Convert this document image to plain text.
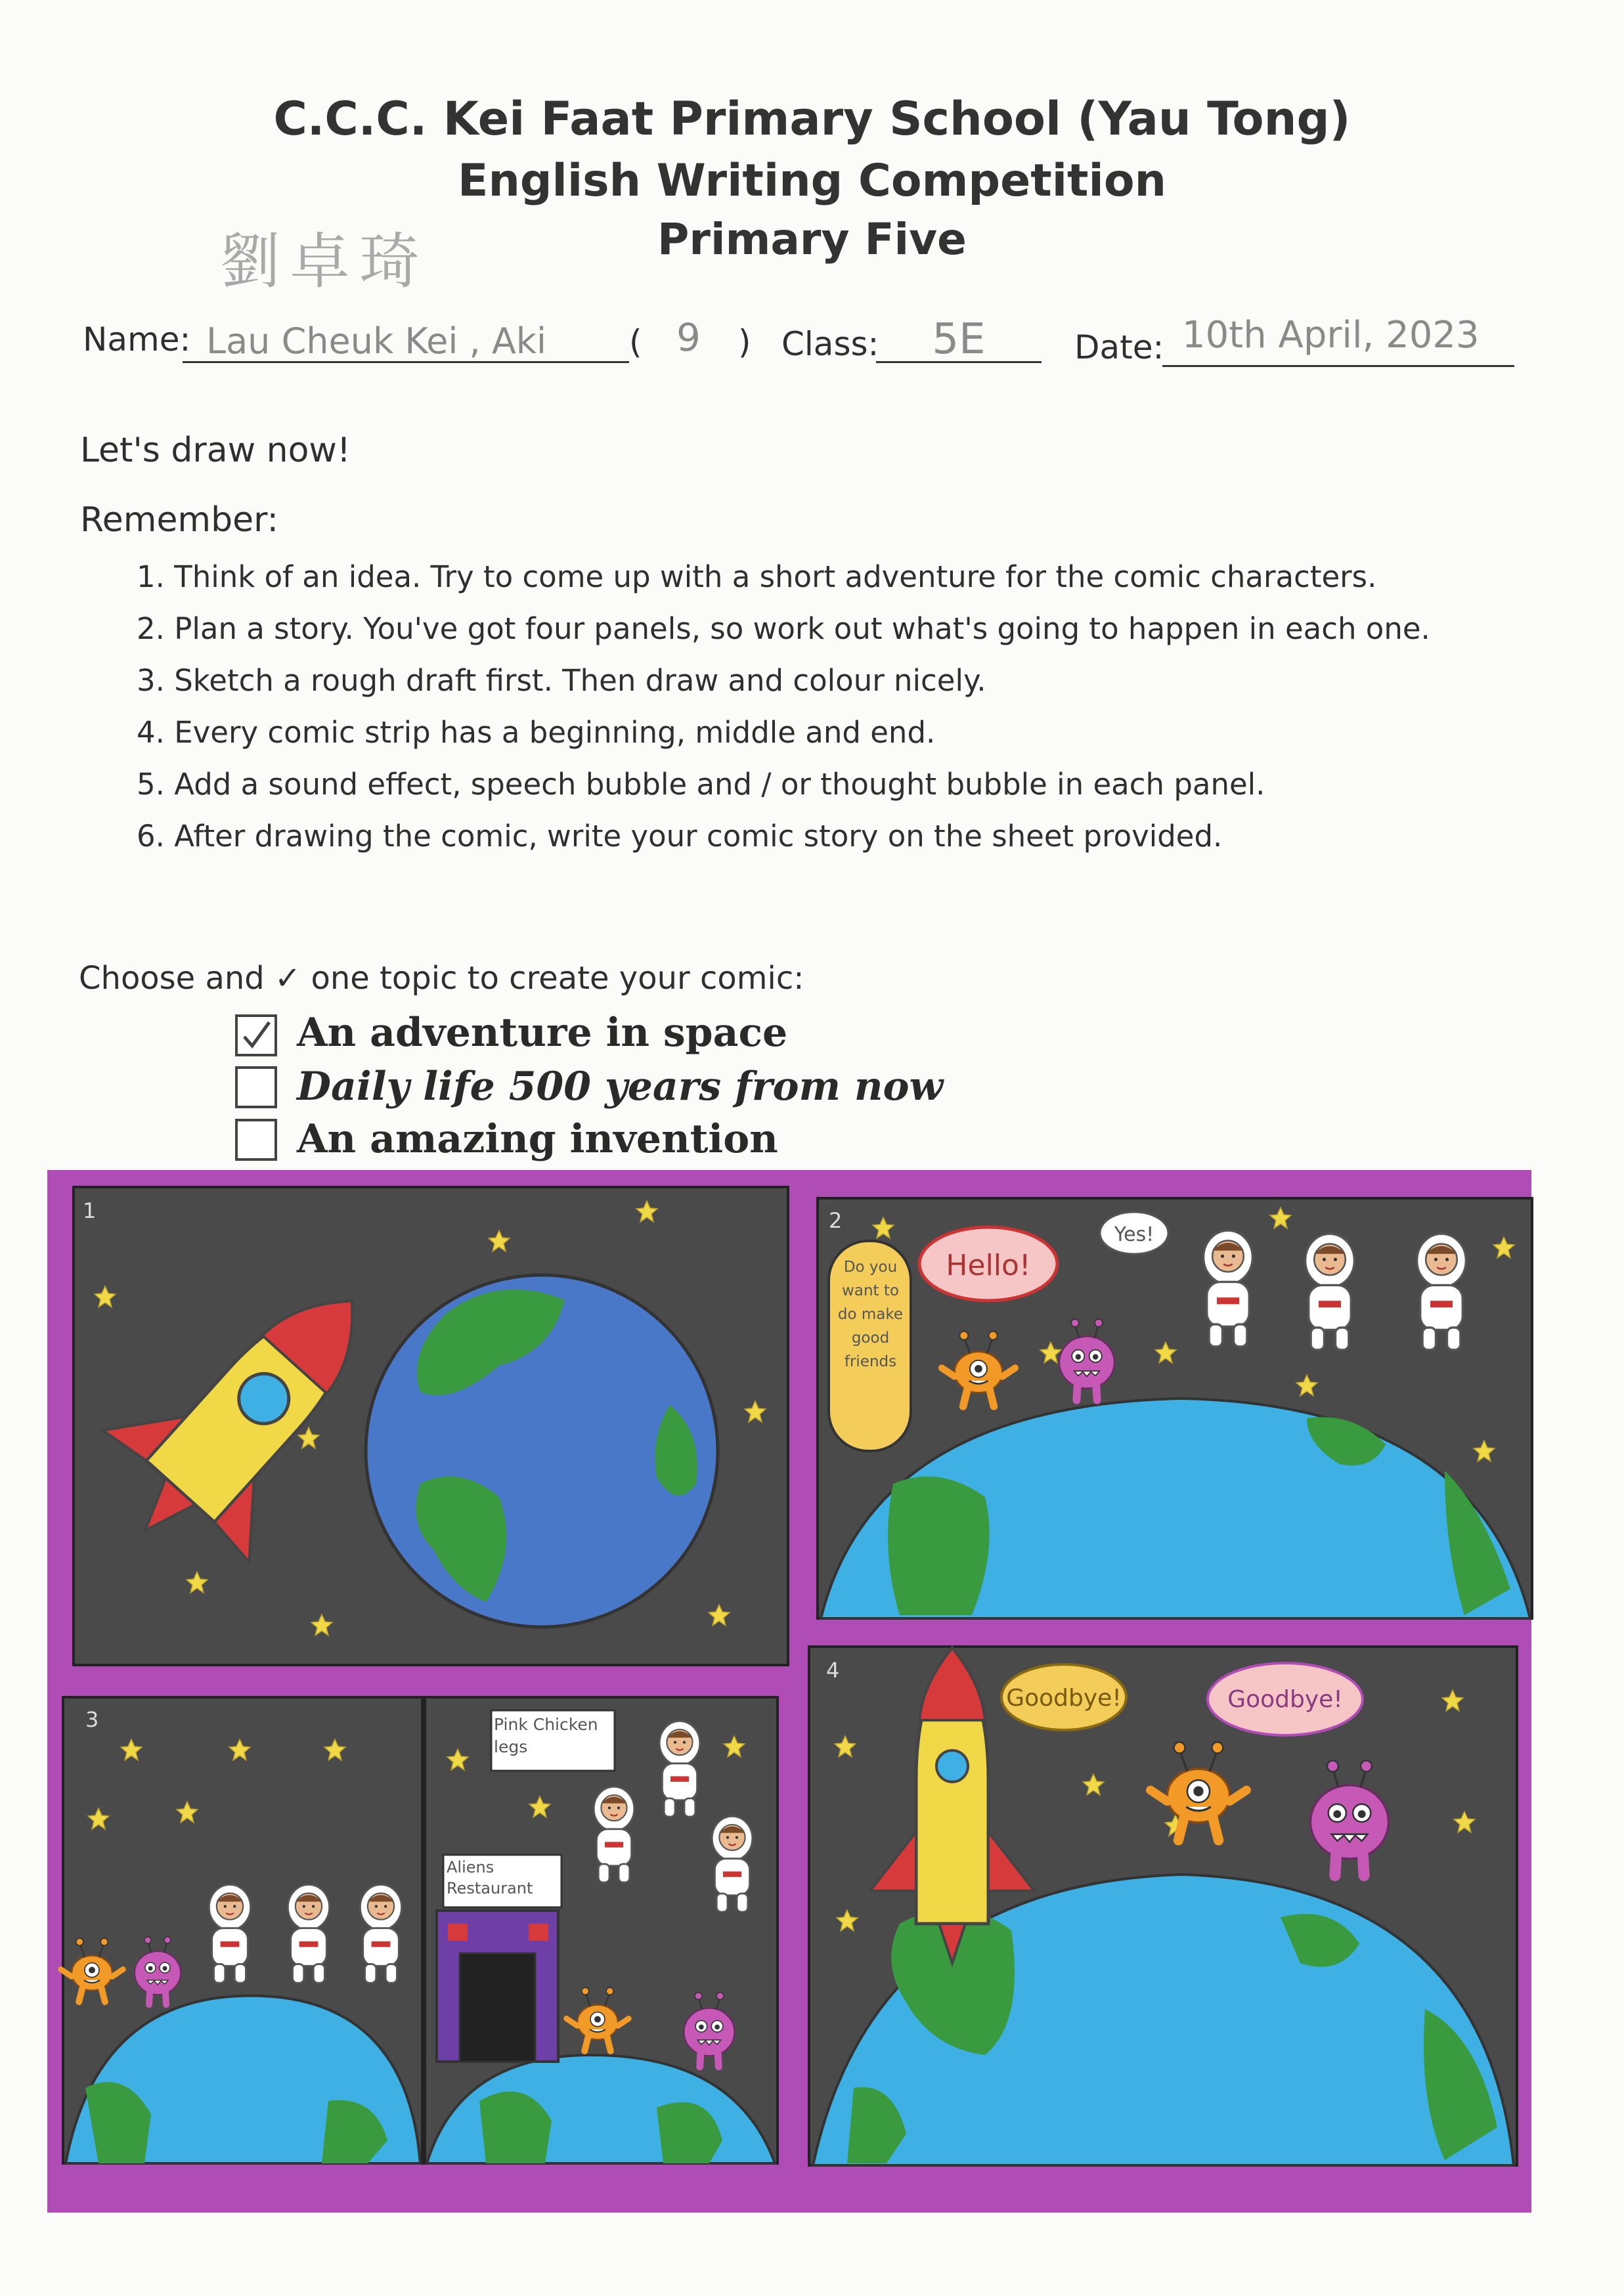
C.C.C. Kei Faat Primary School (Yau Tong)
English Writing Competition
Primary Five
劉卓琦
Name: Lau Cheuk Kei , Aki	( 9 ) Class:	5E	Date: 10th April, 2023
Let's draw now!
Remember:
1. Think of an idea. Try to come up with a short adventure for the comic characters.
2. Plan a story. You've got four panels, so work out what's going to happen in each one.
3. Sketch a rough draft first. Then draw and colour nicely.
4. Every comic strip has a beginning, middle and end.
5. Add a sound effect, speech bubble and / or thought bubble in each panel.
6. After drawing the comic, write your comic story on the sheet provided.
Choose and ✓ one topic to create your comic:
An adventure in space
Daily life 500 years from now
An amazing invention
Do you want to do make good friends
Hello!
Yes!
Pink Chicken legs
Aliens Restaurant
Goodbye!	Goodbye!
1	2
3
4
